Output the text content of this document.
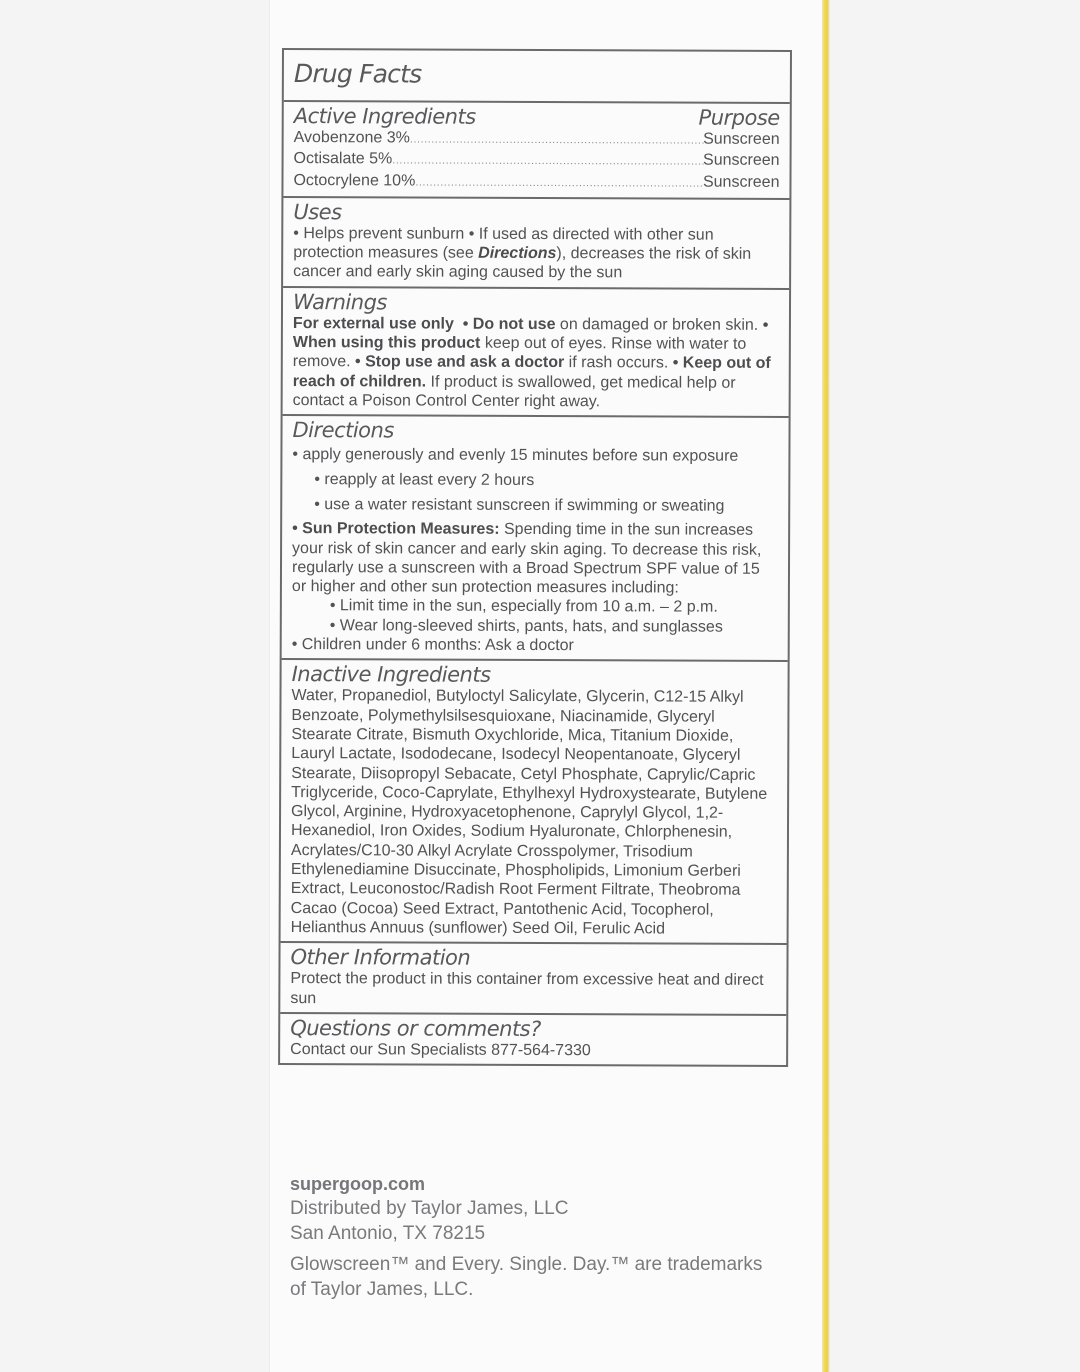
Drug Facts
Active Ingredients	Purpose
Avobenzone 3% .....	Sunscreen
Octisalate 5% .....	Sunscreen
Octocrylene 10% .....	Sunscreen
Uses
• Helps prevent sunburn • If used as directed with other sun protection measures (see Directions), decreases the risk of skin cancer and early skin aging caused by the sun
Warnings
For external use only • Do not use on damaged or broken skin. • When using this product keep out of eyes. Rinse with water to remove. • Stop use and ask a doctor if rash occurs. • Keep out of reach of children. If product is swallowed, get medical help or contact a Poison Control Center right away.
Directions
• apply generously and evenly 15 minutes before sun exposure
• reapply at least every 2 hours
• use a water resistant sunscreen if swimming or sweating
• Sun Protection Measures: Spending time in the sun increases your risk of skin cancer and early skin aging. To decrease this risk, regularly use a sunscreen with a Broad Spectrum SPF value of 15 or higher and other sun protection measures including:
• Limit time in the sun, especially from 10 a.m. – 2 p.m.
• Wear long-sleeved shirts, pants, hats, and sunglasses
• Children under 6 months: Ask a doctor
Inactive Ingredients
Water, Propanediol, Butyloctyl Salicylate, Glycerin, C12-15 Alkyl Benzoate, Polymethylsilsesquioxane, Niacinamide, Glyceryl Stearate Citrate, Bismuth Oxychloride, Mica, Titanium Dioxide, Lauryl Lactate, Isododecane, Isodecyl Neopentanoate, Glyceryl Stearate, Diisopropyl Sebacate, Cetyl Phosphate, Caprylic/Capric Triglyceride, Coco-Caprylate, Ethylhexyl Hydroxystearate, Butylene Glycol, Arginine, Hydroxyacetophenone, Caprylyl Glycol, 1,2-Hexanediol, Iron Oxides, Sodium Hyaluronate, Chlorphenesin, Acrylates/C10-30 Alkyl Acrylate Crosspolymer, Trisodium Ethylenediamine Disuccinate, Phospholipids, Limonium Gerberi Extract, Leuconostoc/Radish Root Ferment Filtrate, Theobroma Cacao (Cocoa) Seed Extract, Pantothenic Acid, Tocopherol, Helianthus Annuus (sunflower) Seed Oil, Ferulic Acid
Other Information
Protect the product in this container from excessive heat and direct sun
Questions or comments?
Contact our Sun Specialists 877-564-7330
supergoop.com
Distributed by Taylor James, LLC
San Antonio, TX 78215
Glowscreen™ and Every. Single. Day.™ are trademarks
of Taylor James, LLC.
